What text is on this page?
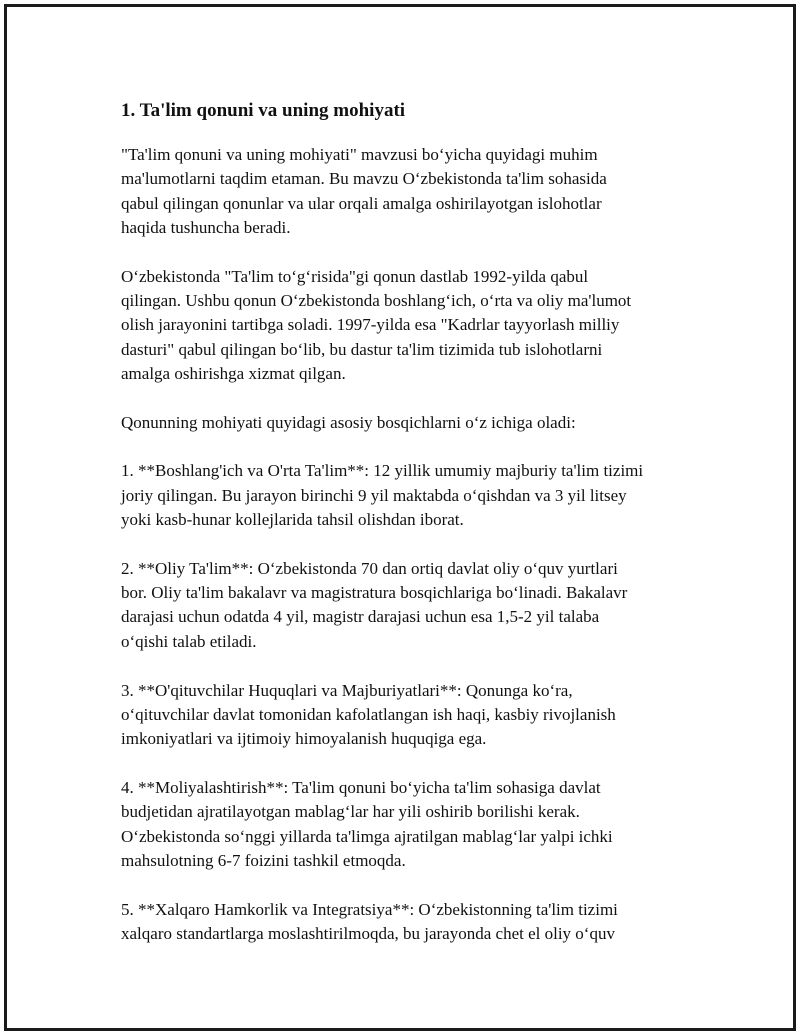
1. Ta'lim qonuni va uning mohiyati

"Ta'lim qonuni va uning mohiyati" mavzusi bo‘yicha quyidagi muhim
ma'lumotlarni taqdim etaman. Bu mavzu O‘zbekistonda ta'lim sohasida
qabul qilingan qonunlar va ular orqali amalga oshirilayotgan islohotlar
haqida tushuncha beradi.

O‘zbekistonda "Ta'lim to‘g‘risida"gi qonun dastlab 1992-yilda qabul
qilingan. Ushbu qonun O‘zbekistonda boshlang‘ich, o‘rta va oliy ma'lumot
olish jarayonini tartibga soladi. 1997-yilda esa "Kadrlar tayyorlash milliy
dasturi" qabul qilingan bo‘lib, bu dastur ta'lim tizimida tub islohotlarni
amalga oshirishga xizmat qilgan.

Qonunning mohiyati quyidagi asosiy bosqichlarni o‘z ichiga oladi:

1. **Boshlang'ich va O'rta Ta'lim**: 12 yillik umumiy majburiy ta'lim tizimi
joriy qilingan. Bu jarayon birinchi 9 yil maktabda o‘qishdan va 3 yil litsey
yoki kasb-hunar kollejlarida tahsil olishdan iborat.

2. **Oliy Ta'lim**: O‘zbekistonda 70 dan ortiq davlat oliy o‘quv yurtlari
bor. Oliy ta'lim bakalavr va magistratura bosqichlariga bo‘linadi. Bakalavr
darajasi uchun odatda 4 yil, magistr darajasi uchun esa 1,5-2 yil talaba
o‘qishi talab etiladi.

3. **O'qituvchilar Huquqlari va Majburiyatlari**: Qonunga ko‘ra,
o‘qituvchilar davlat tomonidan kafolatlangan ish haqi, kasbiy rivojlanish
imkoniyatlari va ijtimoiy himoyalanish huquqiga ega.

4. **Moliyalashtirish**: Ta'lim qonuni bo‘yicha ta'lim sohasiga davlat
budjetidan ajratilayotgan mablag‘lar har yili oshirib borilishi kerak.
O‘zbekistonda so‘nggi yillarda ta'limga ajratilgan mablag‘lar yalpi ichki
mahsulotning 6-7 foizini tashkil etmoqda.

5. **Xalqaro Hamkorlik va Integratsiya**: O‘zbekistonning ta'lim tizimi
xalqaro standartlarga moslashtirilmoqda, bu jarayonda chet el oliy o‘quv
